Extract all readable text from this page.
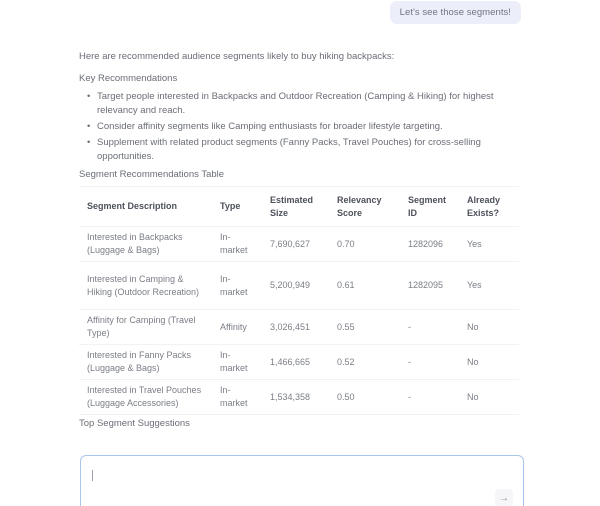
Let's see those segments!

Here are recommended audience segments likely to buy hiking backpacks:

Key Recommendations

• Target people interested in Backpacks and Outdoor Recreation (Camping & Hiking) for highest relevancy and reach.
• Consider affinity segments like Camping enthusiasts for broader lifestyle targeting.
• Supplement with related product segments (Fanny Packs, Travel Pouches) for cross-selling opportunities.

Segment Recommendations Table

Segment Description	Type	Estimated Size	Relevancy Score	Segment ID	Already Exists?
Interested in Backpacks (Luggage & Bags)	In-market	7,690,627	0.70	1282096	Yes
Interested in Camping & Hiking (Outdoor Recreation)	In-market	5,200,949	0.61	1282095	Yes
Affinity for Camping (Travel Type)	Affinity	3,026,451	0.55	-	No
Interested in Fanny Packs (Luggage & Bags)	In-market	1,466,665	0.52	-	No
Interested in Travel Pouches (Luggage Accessories)	In-market	1,534,358	0.50	-	No

Top Segment Suggestions

→
